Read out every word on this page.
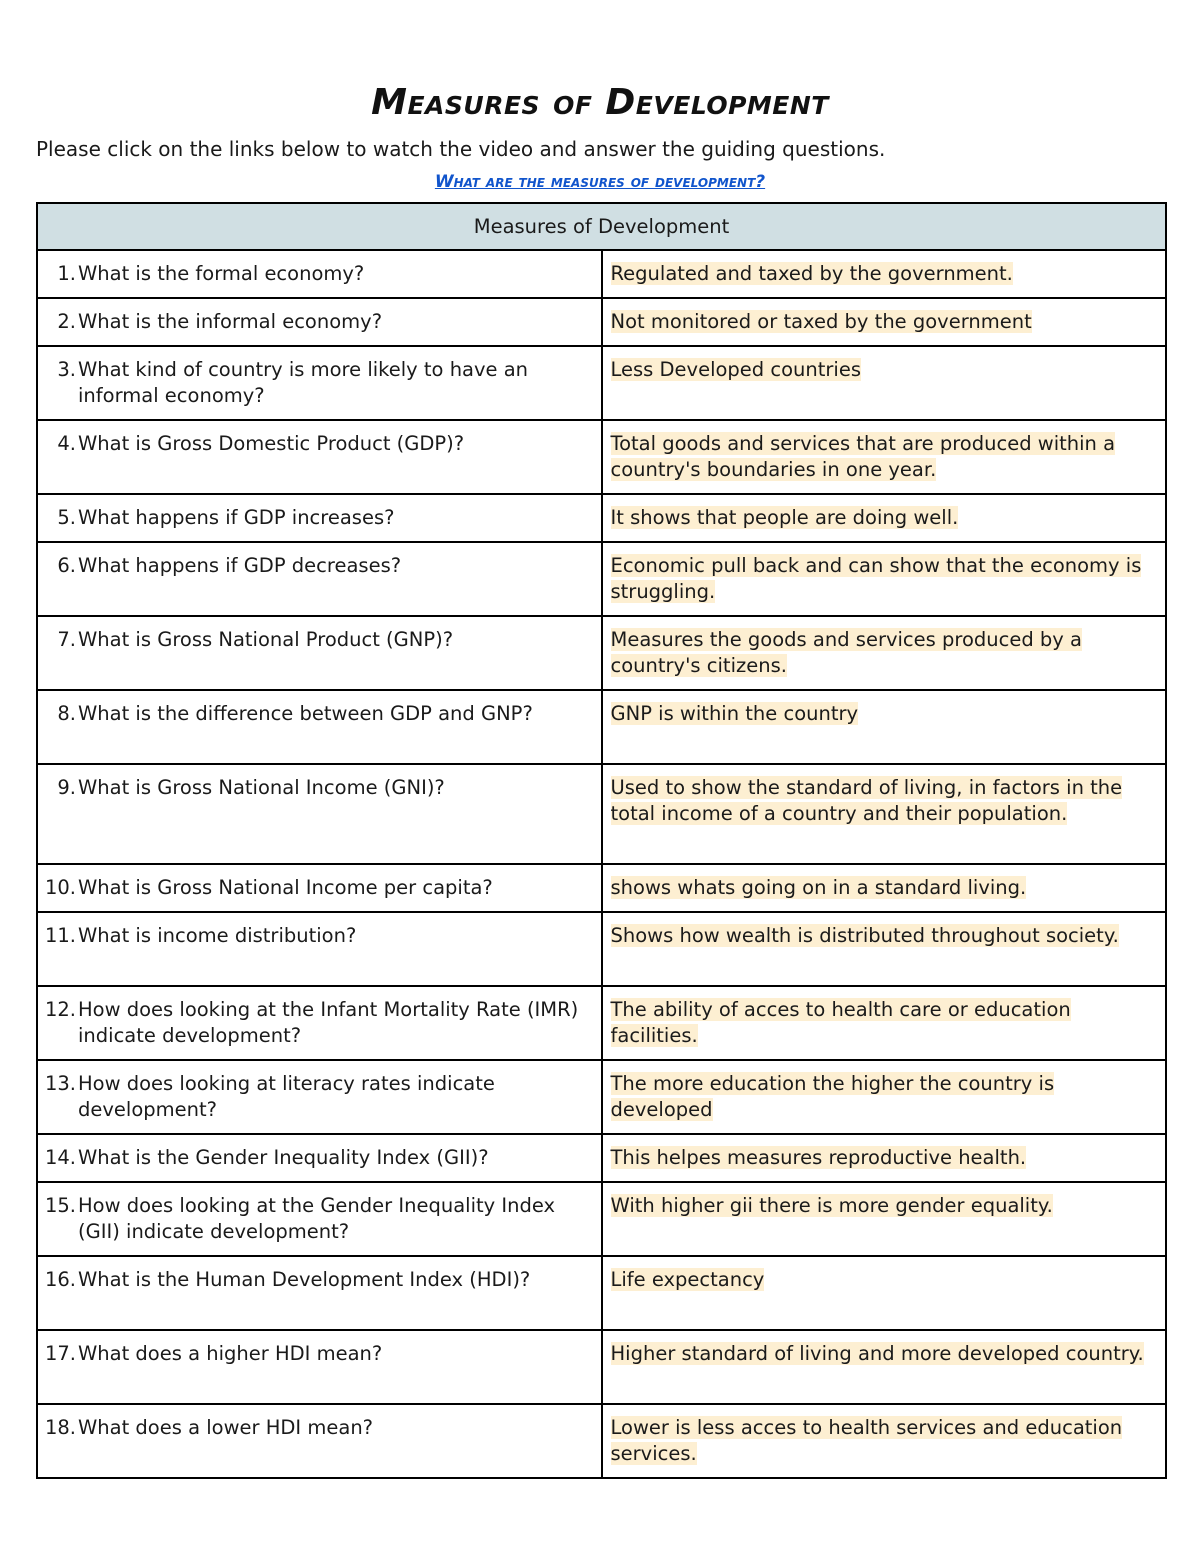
Measures of Development

Please click on the links below to watch the video and answer the guiding questions.

What are the measures of development?
Measures of Development	

1. What is the formal economy?	Regulated and taxed by the government.

2. What is the informal economy?	Not monitored or taxed by the government

3. What kind of country is more likely to have an informal economy?	Less Developed countries

4. What is Gross Domestic Product (GDP)?	Total goods and services that are produced within a country's boundaries in one year.

5. What happens if GDP increases?	It shows that people are doing well.

6. What happens if GDP decreases?	Economic pull back and can show that the economy is struggling.

7. What is Gross National Product (GNP)?	Measures the goods and services produced by a country's citizens.

8. What is the difference between GDP and GNP?	GNP is within the country

9. What is Gross National Income (GNI)?	Used to show the standard of living, in factors in the total income of a country and their population.

10. What is Gross National Income per capita?	shows whats going on in a standard living.

11. What is income distribution?	Shows how wealth is distributed throughout society.

12. How does looking at the Infant Mortality Rate (IMR) indicate development?	The ability of acces to health care or education facilities.

13. How does looking at literacy rates indicate development?	The more education the higher the country is developed

14. What is the Gender Inequality Index (GII)?	This helpes measures reproductive health.

15. How does looking at the Gender Inequality Index (GII) indicate development?	With higher gii there is more gender equality.

16. What is the Human Development Index (HDI)?	Life expectancy

17. What does a higher HDI mean?	Higher standard of living and more developed country.

18. What does a lower HDI mean?	Lower is less acces to health services and education services.
